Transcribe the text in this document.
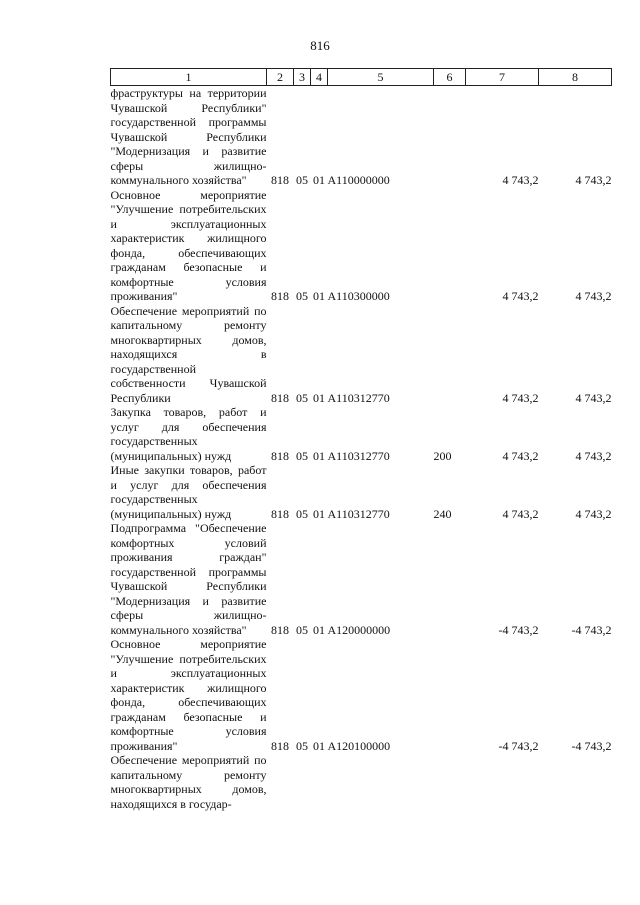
816
1	2	3	4	5	6	7	8
фраструктуры на территории Чувашской Республики" государственной программы Чувашской Республики "Модернизация и развитие сферы жилищно-коммунального хозяйства"	818	05	01	А110000000		4 743,2	4 743,2
Основное мероприятие "Улучшение потребительских и эксплуатационных характеристик жилищного фонда, обеспечивающих гражданам безопасные и комфортные условия проживания"	818	05	01	А110300000		4 743,2	4 743,2
Обеспечение мероприятий по капитальному ремонту многоквартирных домов, находящихся в государственной собственности Чувашской Республики	818	05	01	А110312770		4 743,2	4 743,2
Закупка товаров, работ и услуг для обеспечения государственных (муниципальных) нужд	818	05	01	А110312770	200	4 743,2	4 743,2
Иные закупки товаров, работ и услуг для обеспечения государственных (муниципальных) нужд	818	05	01	А110312770	240	4 743,2	4 743,2
Подпрограмма "Обеспечение комфортных условий проживания граждан" государственной программы Чувашской Республики "Модернизация и развитие сферы жилищно-коммунального хозяйства"	818	05	01	А120000000		-4 743,2	-4 743,2
Основное мероприятие "Улучшение потребительских и эксплуатационных характеристик жилищного фонда, обеспечивающих гражданам безопасные и комфортные условия проживания"	818	05	01	А120100000		-4 743,2	-4 743,2
Обеспечение мероприятий по капитальному ремонту многоквартирных домов, находящихся в государ-							
